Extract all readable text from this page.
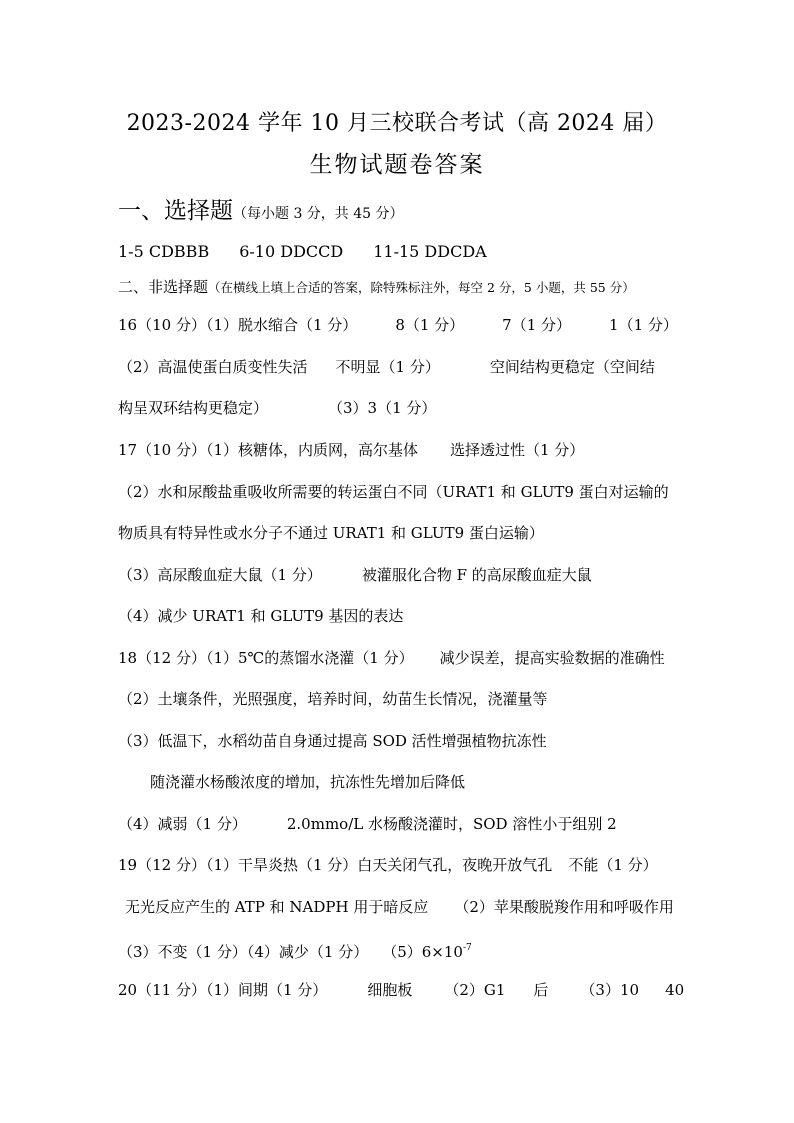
2023-2024 学年 10 月三校联合考试（高 2024 届）
生物试题卷答案
一、选择题（每小题 3 分，共 45 分）
1-5 CDBBB 6-10 DDCCD 11-15 DDCDA
二、非选择题（在横线上填上合适的答案，除特殊标注外，每空 2 分，5 小题，共 55 分）
16（10 分）（1）脱水缩合（1 分）	8（1 分）	7（1 分）	1（1 分）
（2）高温使蛋白质变性失活 不明显（1 分）	空间结构更稳定（空间结
构呈双环结构更稳定）	（3）3（1 分）
17（10 分）（1）核糖体，内质网，高尔基体 选择透过性（1 分）
（2）水和尿酸盐重吸收所需要的转运蛋白不同（URAT1 和 GLUT9 蛋白对运输的
物质具有特异性或水分子不通过 URAT1 和 GLUT9 蛋白运输）
（3）高尿酸血症大鼠（1 分）	被灌服化合物 F 的高尿酸血症大鼠
（4）减少 URAT1 和 GLUT9 基因的表达
18（12 分）（1）5℃的蒸馏水浇灌（1 分） 减少误差，提高实验数据的准确性
（2）土壤条件，光照强度，培养时间，幼苗生长情况，浇灌量等
（3）低温下，水稻幼苗自身通过提高 SOD 活性增强植物抗冻性
随浇灌水杨酸浓度的增加，抗冻性先增加后降低
（4）减弱（1 分）	2.0mmo/L 水杨酸浇灌时，SOD 溶性小于组别 2
19（12 分）（1）干旱炎热（1 分）白天关闭气孔，夜晚开放气孔 不能（1 分）
无光反应产生的 ATP 和 NADPH 用于暗反应 （2）苹果酸脱羧作用和呼吸作用
（3）不变（1 分）（4）减少（1 分） $(5)6\times 10^{-7}$
20（11 分）（1）间期（1 分）	细胞板 （2）G1 后 （3）10 40
